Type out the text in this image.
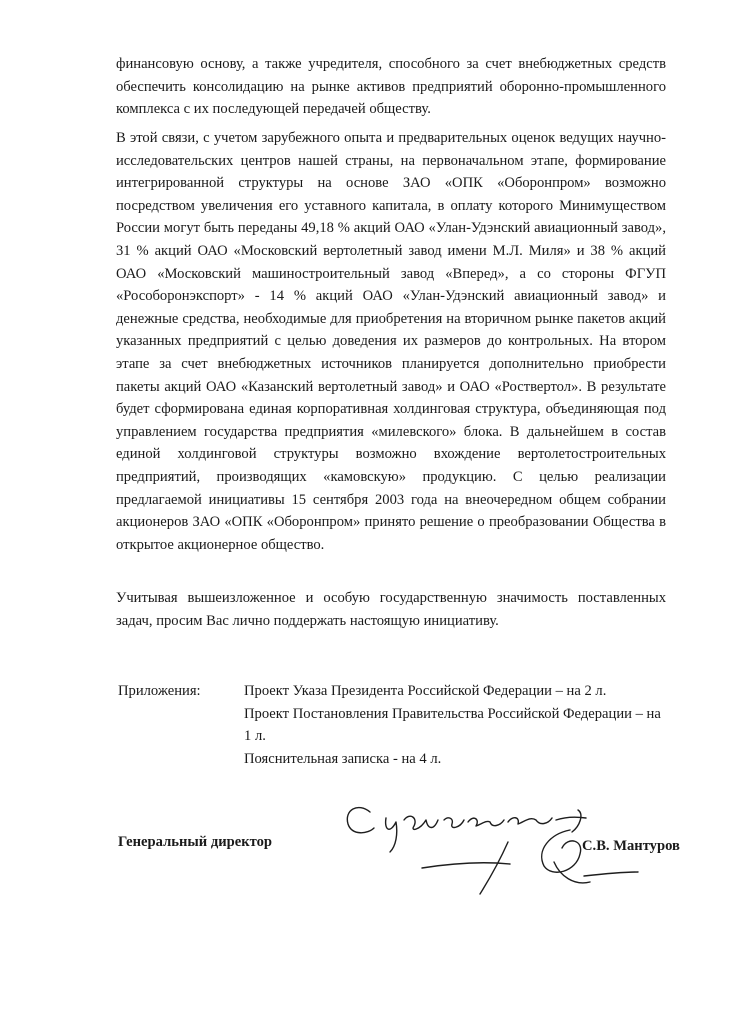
финансовую основу, а также учредителя, способного за счет внебюджетных средств обеспечить консолидацию на рынке активов предприятий оборонно-промышленного комплекса с их последующей передачей обществу.

В этой связи, с учетом зарубежного опыта и предварительных оценок ведущих научно-исследовательских центров нашей страны, на первоначальном этапе, формирование интегрированной структуры на основе ЗАО «ОПК «Оборонпром» возможно посредством увеличения его уставного капитала, в оплату которого Минимуществом России могут быть переданы 49,18 % акций ОАО «Улан-Удэнский авиационный завод», 31 % акций ОАО «Московский вертолетный завод имени М.Л. Миля» и 38 % акций ОАО «Московский машиностроительный завод «Вперед», а со стороны ФГУП «Рособоронэкспорт» - 14 % акций ОАО «Улан-Удэнский авиационный завод» и денежные средства, необходимые для приобретения на вторичном рынке пакетов акций указанных предприятий с целью доведения их размеров до контрольных. На втором этапе за счет внебюджетных источников планируется дополнительно приобрести пакеты акций ОАО «Казанский вертолетный завод» и ОАО «Роствертол». В результате будет сформирована единая корпоративная холдинговая структура, объединяющая под управлением государства предприятия «милевского» блока. В дальнейшем в состав единой холдинговой структуры возможно вхождение вертолетостроительных предприятий, производящих «камовскую» продукцию. С целью реализации предлагаемой инициативы 15 сентября 2003 года на внеочередном общем собрании акционеров ЗАО «ОПК «Оборонпром» принято решение о преобразовании Общества в открытое акционерное общество.

Учитывая вышеизложенное и особую государственную значимость поставленных задач, просим Вас лично поддержать настоящую инициативу.

Приложения:	Проект Указа Президента Российской Федерации – на 2 л.

Проект Постановления Правительства Российской Федерации – на 1 л.

Пояснительная записка - на 4 л.

Генеральный директор	С.В. Мантуров
